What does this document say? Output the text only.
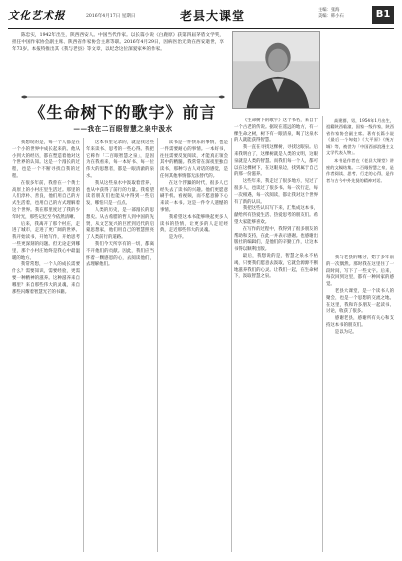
文化艺术报	2016年4月17日 星期日	老县大课堂	主编：张海
美编：韩小石	B1
陈忠实，1942年出生，陕西西安人。中国当代作家。以长篇小说《白鹿原》获第四届茅盾文学奖，担任中国作家协会副主席、陕西省作家协会主席等职。2016年4月29日，因病医治无效在西安逝世，享年73岁。本报特推出其《我与老县》等文章，以纪念这位深爱家乡的作家。
《生命树下的歌宇》前言
——我在二百眼智慧之泉中汲水

高建群，男，1954年1月出生，祖籍陕西临潼，国家一级作家，陕西省作家协会副主席。著有长篇小说《最后一个匈奴》《大平原》《统万城》等，被誉为「中国西部浪漫主义文学代表人物」。

本书是作者在《老县大课堂》讲座的文稿结集。二百眼智慧之泉，是作者阅读、思考、行走的心得，是作者与古今中外先贤的精神对话。

我想说的是，每一个人都是在一个小的世界中成长起来的。他从小到大的经历，都在塑造着他对这个世界的认知。这是一个漫长的过程，也是一个不断寻找自我的过程。

在很多年前，我曾在一个黄土高原上的小村庄里生活过。那里的人们淳朴、善良，他们用自己的方式生活着，也用自己的方式理解着这个世界。我在那里度过了我的少年时光，那些记忆至今依然清晰。

后来，我离开了那个村庄，走进了城市，走进了更广阔的世界。我开始读书，开始写作，开始思考一些更深刻的问题。但无论走到哪里，那个小村庄始终是我心中最温暖的地方。

我常常想，一个人的成长需要什么？需要知识，需要经验，更需要一种精神的滋养。这种滋养来自哪里？来自那些伟大的灵魂，来自那些闪耀着智慧光芒的书籍。

这本书里记录的，就是我这些年来读书、思考的一些心得。我把它称作「二百眼智慧之泉」，是因为在我看来，每一本好书、每一位伟大的思想者，都是一眼清澈的泉水。

我从这些泉水中汲取着营养，也从中获得了前行的力量。我希望读者朋友们也能从中得到一些启发，哪怕只是一点点。

人类的历史，是一部漫长的思想史。从古希腊的哲人到中国的先贤，从文艺复兴的巨匠到近代的启蒙思想家，他们用自己的智慧照亮了人类前行的道路。

我们今天所享有的一切，都离不开他们的贡献。因此，我们应当怀着一颗感恩的心，去阅读他们，去理解他们。

读书是一件快乐的事情，也是一件需要耐心的事情。一本好书，往往需要反复阅读，才能真正领会其中的精髓。我常常在深夜里独自读书，那种与古人对话的感觉，是任何其他事情都无法替代的。

在这个浮躁的时代，很多人已经失去了读书的兴趣。他们更愿意刷手机、看视频，而不愿意静下心来读一本书。这是一件令人遗憾的事情。

我希望这本书能够唤起更多人读书的热情，让更多的人走近经典，走近那些伟大的灵魂。

是为序。

《生命树下的歌宇》这个书名，来自于一个古老的传说。据说在遥远的地方，有一棵生命之树，树下有一眼清泉，喝了这泉水的人就能获得智慧。

我一直在寻找这棵树，寻找这眼泉。后来我明白了，这棵树就是人类的文明，这眼泉就是人类的智慧。而我们每一个人，都可以在这棵树下，在这眼泉边，找到属于自己的那一份滋养。

这些年来，我走过了很多地方，见过了很多人，也读过了很多书。每一次行走，每一次相遇，每一次阅读，都让我对这个世界有了新的认识。

我把这些认识写下来，汇集成这本书，献给所有热爱生活、热爱思考的朋友们。希望大家能够喜欢。

在写作的过程中，我得到了很多朋友的帮助和支持，在此一并表示感谢。也感谢出版社的编辑们，是他们的辛勤工作，让这本书得以顺利出版。

最后，我想说的是，智慧之泉永不枯竭，只要我们愿意去汲取，它就会源源不断地滋养我们的心灵。让我们一起，在生命树下，汲取智慧之泉。

我与老县的缘分，始于多年前的一次偶然。那时我在这里住了一段时间，写下了一些文字。后来，每次回到这里，都有一种回家的感觉。

老县大课堂，是一个读书人的聚会，也是一个思想的交流之地。在这里，我和许多朋友一起读书、讨论，收获了很多。

感谢老县，感谢所有关心和支持这本书的朋友们。

是以为记。
